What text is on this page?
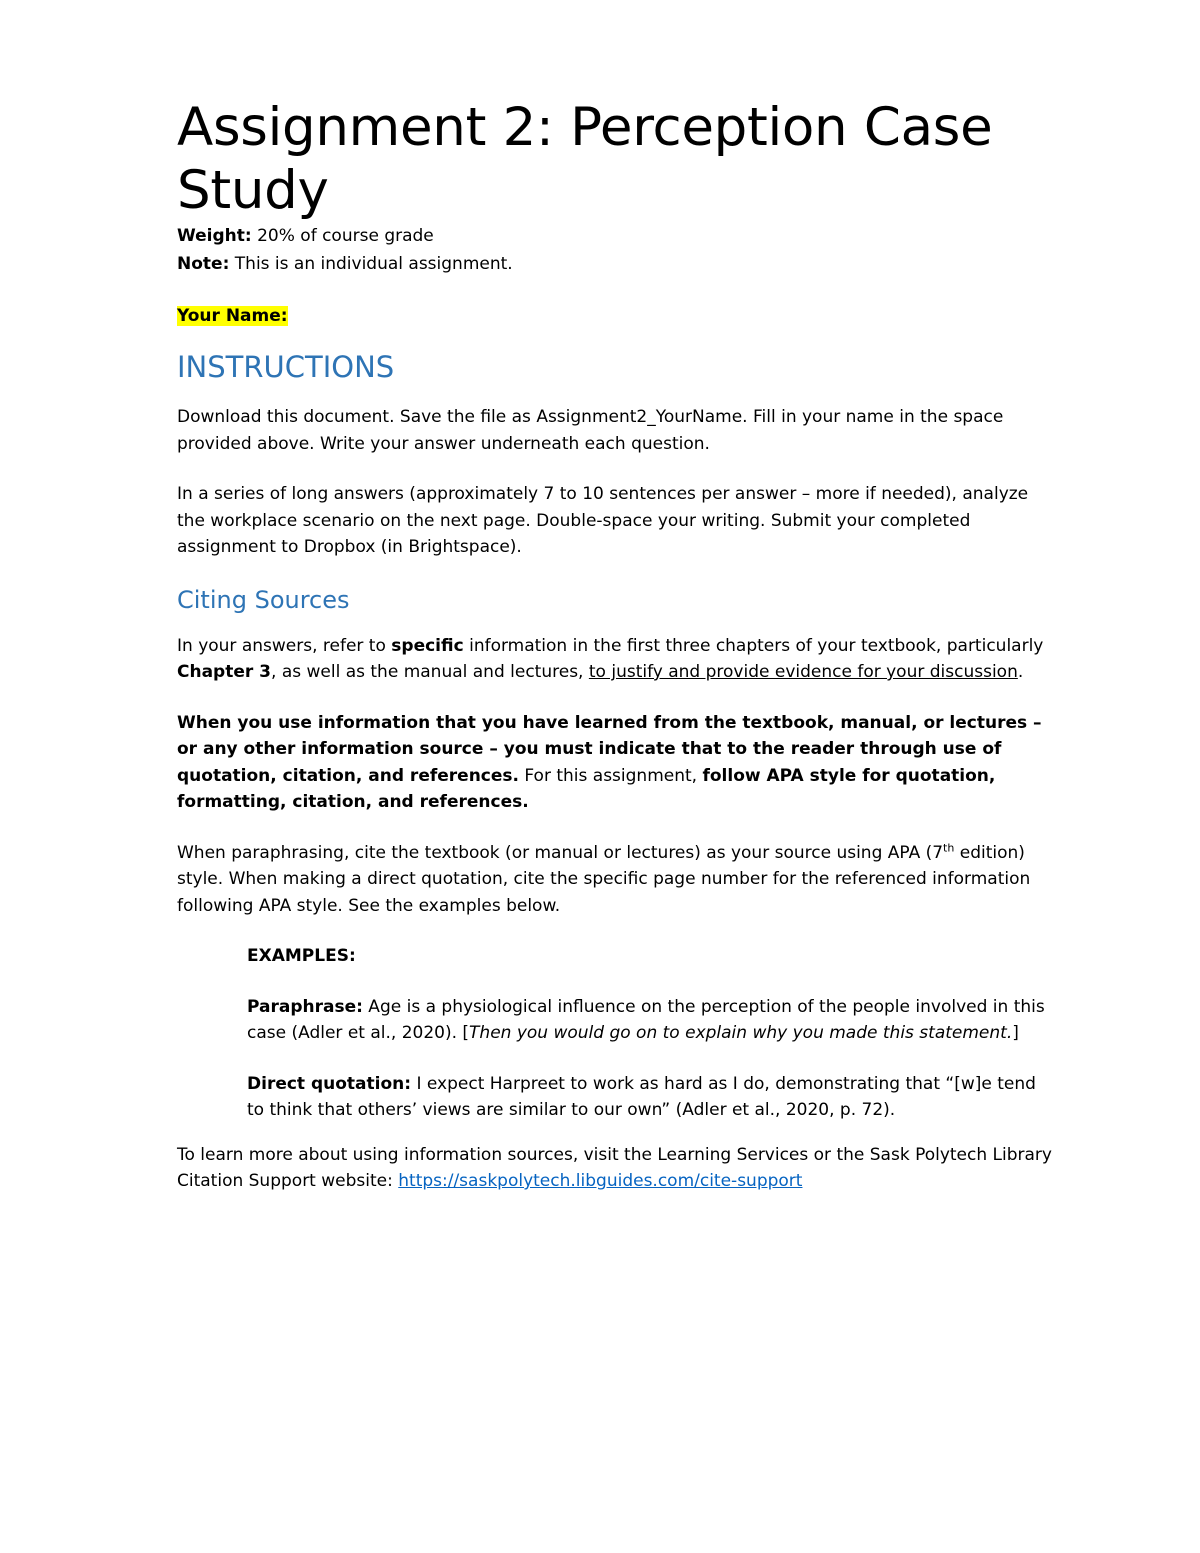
Assignment 2: Perception Case Study

Weight: 20% of course grade

Note: This is an individual assignment.

Your Name:

INSTRUCTIONS

Download this document. Save the file as Assignment2_YourName. Fill in your name in the space provided above. Write your answer underneath each question.

In a series of long answers (approximately 7 to 10 sentences per answer – more if needed), analyze the workplace scenario on the next page. Double-space your writing. Submit your completed assignment to Dropbox (in Brightspace).

Citing Sources

In your answers, refer to specific information in the first three chapters of your textbook, particularly Chapter 3, as well as the manual and lectures, to justify and provide evidence for your discussion.

When you use information that you have learned from the textbook, manual, or lectures – or any other information source – you must indicate that to the reader through use of quotation, citation, and references. For this assignment, follow APA style for quotation, formatting, citation, and references.

When paraphrasing, cite the textbook (or manual or lectures) as your source using APA (7th edition) style. When making a direct quotation, cite the specific page number for the referenced information following APA style. See the examples below.

EXAMPLES:

Paraphrase: Age is a physiological influence on the perception of the people involved in this case (Adler et al., 2020). [Then you would go on to explain why you made this statement.]

Direct quotation: I expect Harpreet to work as hard as I do, demonstrating that “[w]e tend to think that others’ views are similar to our own” (Adler et al., 2020, p. 72).

To learn more about using information sources, visit the Learning Services or the Sask Polytech Library Citation Support website: https://saskpolytech.libguides.com/cite-support
